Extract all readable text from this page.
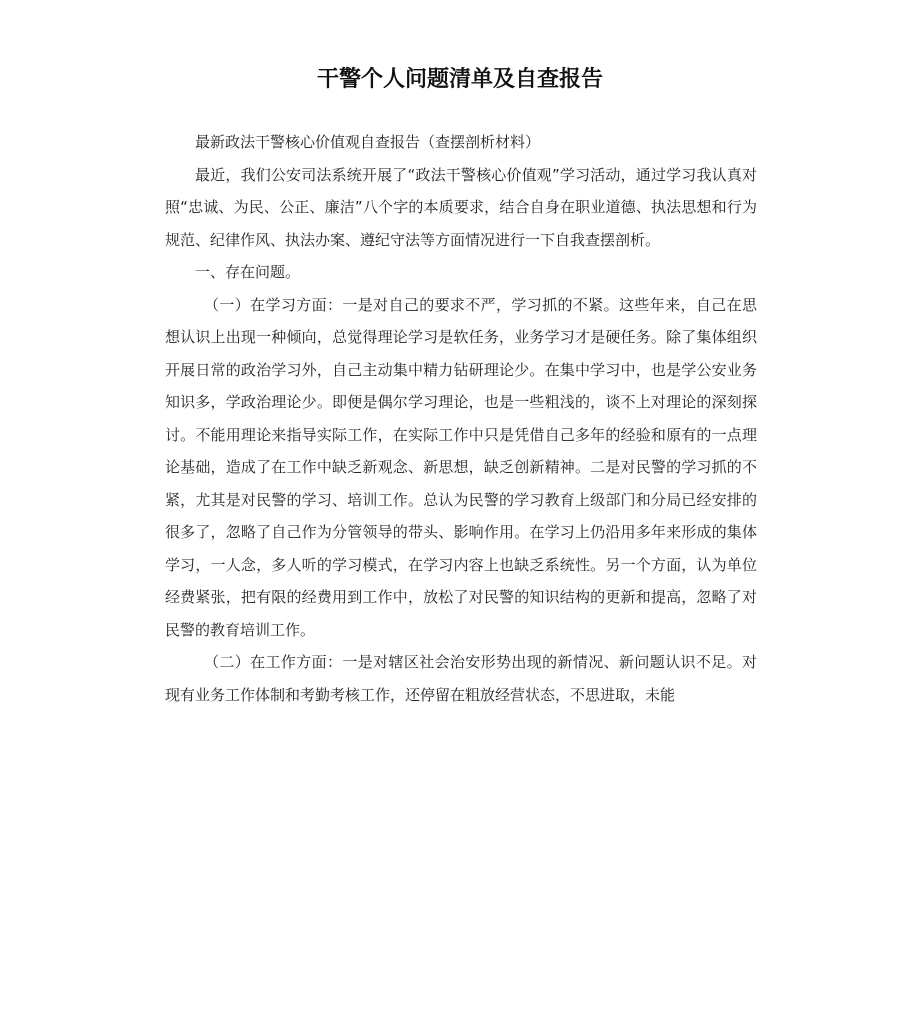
干警个人问题清单及自查报告

最新政法干警核心价值观自查报告（查摆剖析材料）

最近，我们公安司法系统开展了“政法干警核心价值观”学习活动，通过学习我认真对照“忠诚、为民、公正、廉洁”八个字的本质要求，结合自身在职业道德、执法思想和行为规范、纪律作风、执法办案、遵纪守法等方面情况进行一下自我查摆剖析。

一、存在问题。

（一）在学习方面：一是对自己的要求不严，学习抓的不紧。这些年来，自己在思想认识上出现一种倾向，总觉得理论学习是软任务，业务学习才是硬任务。除了集体组织开展日常的政治学习外，自己主动集中精力钻研理论少。在集中学习中，也是学公安业务知识多，学政治理论少。即便是偶尔学习理论，也是一些粗浅的，谈不上对理论的深刻探讨。不能用理论来指导实际工作，在实际工作中只是凭借自己多年的经验和原有的一点理论基础，造成了在工作中缺乏新观念、新思想，缺乏创新精神。二是对民警的学习抓的不紧，尤其是对民警的学习、培训工作。总认为民警的学习教育上级部门和分局已经安排的很多了，忽略了自己作为分管领导的带头、影响作用。在学习上仍沿用多年来形成的集体学习，一人念，多人听的学习模式，在学习内容上也缺乏系统性。另一个方面，认为单位经费紧张，把有限的经费用到工作中，放松了对民警的知识结构的更新和提高，忽略了对民警的教育培训工作。

（二）在工作方面：一是对辖区社会治安形势出现的新情况、新问题认识不足。对现有业务工作体制和考勤考核工作，还停留在粗放经营状态，不思进取，未能
